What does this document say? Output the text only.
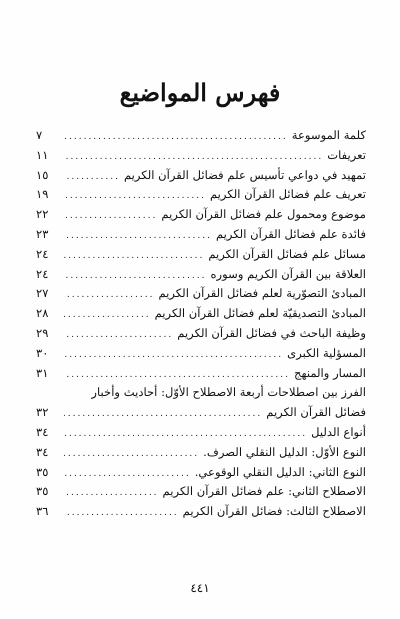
فهرس المواضيع
كلمة الموسوعة
.....
٧
تعريفات
.....
١١
تمهيد في دواعي تأسيس علم فضائل القرآن الكريم
.....
١٥
تعريف علم فضائل القرآن الكريم
.....
١٩
موضوع ومحمول علم فضائل القرآن الكريم
.....
٢٢
فائدة علم فضائل القرآن الكريم
.....
٢٣
مسائل علم فضائل القرآن الكريم
.....
٢٤
العلاقة بين القرآن الكريم وسوره
.....
٢٤
المبادئ التصوّرية لعلم فضائل القرآن الكريم
.....
٢٧
المبادئ التصديقيّة لعلم فضائل القرآن الكريم
.....
٢٨
وظيفة الباحث في فضائل القرآن الكريم
.....
٢٩
المسؤلية الكبرى
.....
٣٠
المسار والمنهج
.....
٣١
الفرز بين اصطلاحات أربعة الاصطلاح الأوّل: أحاديث وأخبار
فضائل القرآن الكريم
.....
٣٢
أنواع الدليل
.....
٣٤
النوع الأوّل: الدليل النقلي الصرف.
.....
٣٤
النوع الثاني: الدليل النقلي الوقوعي.
.....
٣٥
الاصطلاح الثاني: علم فضائل القرآن الكريم
.....
٣٥
الاصطلاح الثالث: فضائل القرآن الكريم
.....
٣٦
٤٤١
